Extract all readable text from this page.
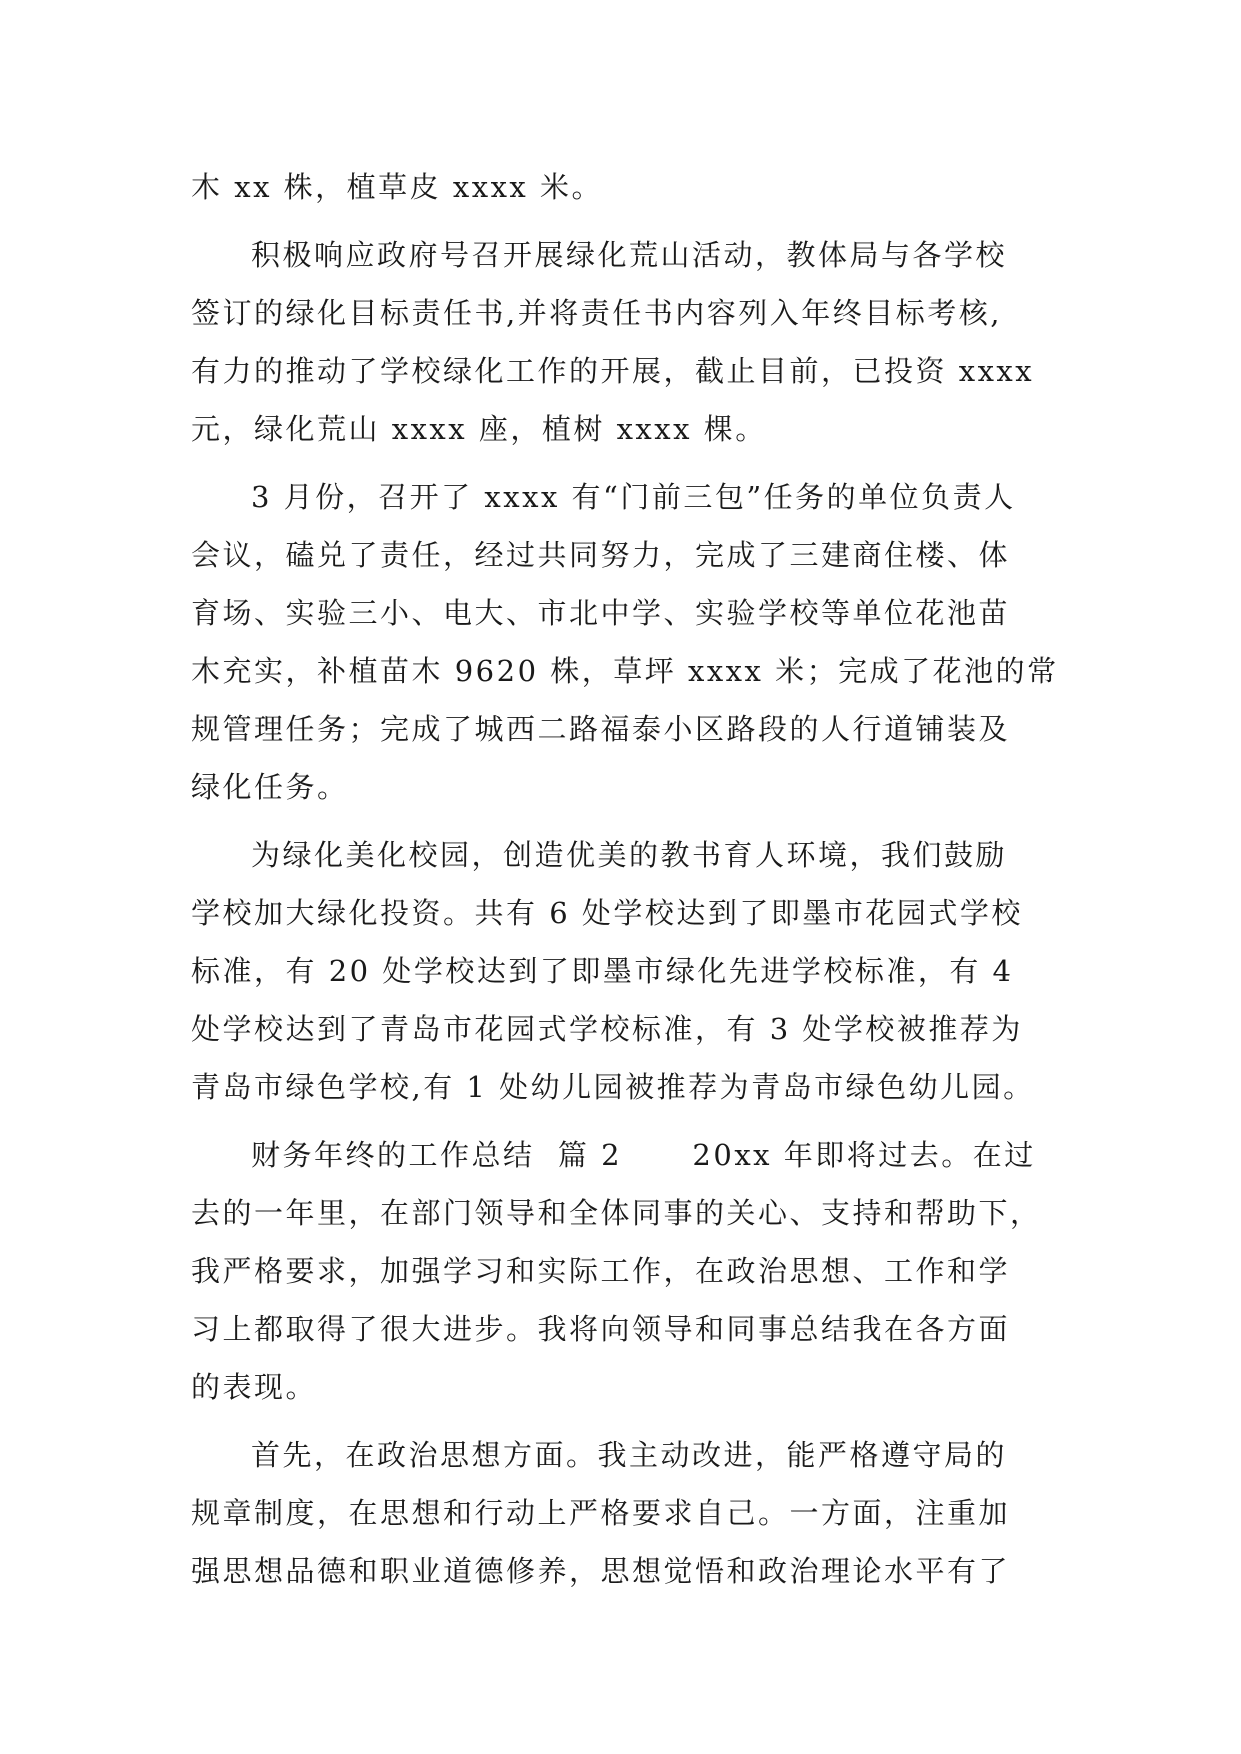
木 xx 株，植草皮 xxxx 米。
积极响应政府号召开展绿化荒山活动，教体局与各学校
签订的绿化目标责任书,并将责任书内容列入年终目标考核,
有力的推动了学校绿化工作的开展，截止目前，已投资 xxxx
元，绿化荒山 xxxx 座，植树 xxxx 棵。
3 月份，召开了 xxxx 有“门前三包”任务的单位负责人
会议，磕兑了责任，经过共同努力，完成了三建商住楼、体
育场、实验三小、电大、市北中学、实验学校等单位花池苗
木充实，补植苗木 9620 株，草坪 xxxx 米；完成了花池的常
规管理任务；完成了城西二路福泰小区路段的人行道铺装及
绿化任务。
为绿化美化校园，创造优美的教书育人环境，我们鼓励
学校加大绿化投资。共有 6 处学校达到了即墨市花园式学校
标准，有 20 处学校达到了即墨市绿化先进学校标准，有 4
处学校达到了青岛市花园式学校标准，有 3 处学校被推荐为
青岛市绿色学校,有 1 处幼儿园被推荐为青岛市绿色幼儿园。
财务年终的工作总结  篇 2      20xx 年即将过去。在过
去的一年里，在部门领导和全体同事的关心、支持和帮助下，
我严格要求，加强学习和实际工作，在政治思想、工作和学
习上都取得了很大进步。我将向领导和同事总结我在各方面
的表现。
首先，在政治思想方面。我主动改进，能严格遵守局的
规章制度，在思想和行动上严格要求自己。一方面，注重加
强思想品德和职业道德修养，思想觉悟和政治理论水平有了
